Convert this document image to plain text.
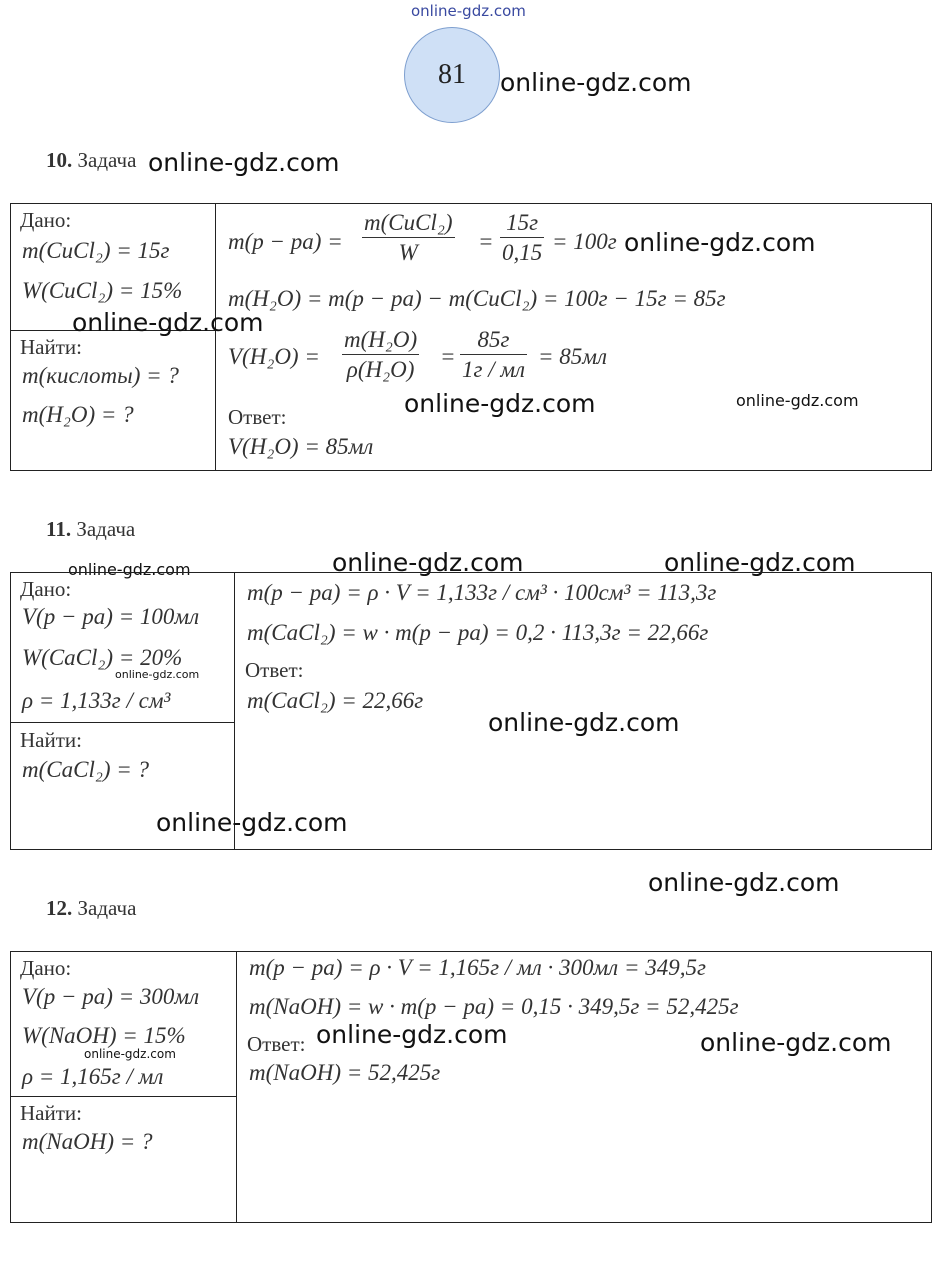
online-gdz.com
81 online-gdz.com
10. Задача online-gdz.com
Дано:
m(CuCl₂) = 15г
W(CuCl₂) = 15%
Найти:
m(кислоты) = ?
m(H₂O) = ?
m(p − pa) =
m(CuCl₂)
W	=
15г
0,15 = 100г online-gdz.com
m(H₂O) = m(p − pa) − m(CuCl₂) = 100г − 15г = 85г
online-gdz.com
V(H₂O) =
m(H₂O)
ρ(H₂O)
=
85г
1г / мл
= 85мл
Ответ:	online-gdz.com	online-gdz.com
V(H₂O) = 85мл
11. Задача
online-gdz.com	online-gdz.com	online-gdz.com
Дано:
V(p − pa) = 100мл
W(CaCl₂) = 20%
online-gdz.com
ρ = 1,133г / см³
Найти:
m(CaCl₂) = ?
m(p − pa) = ρ · V = 1,133г / см³ · 100см³ = 113,3г
m(CaCl₂) = w · m(p − pa) = 0,2 · 113,3г = 22,66г
Ответ:
m(CaCl₂) = 22,66г
online-gdz.com
online-gdz.com
online-gdz.com
12. Задача
Дано:
V(p − pa) = 300мл
W(NaOH) = 15%
online-gdz.com
ρ = 1,165г / мл
Найти:
m(NaOH) = ?
m(p − pa) = ρ · V = 1,165г / мл · 300мл = 349,5г
m(NaOH) = w · m(p − pa) = 0,15 · 349,5г = 52,425г
Ответ: online-gdz.com	online-gdz.com
m(NaOH) = 52,425г
